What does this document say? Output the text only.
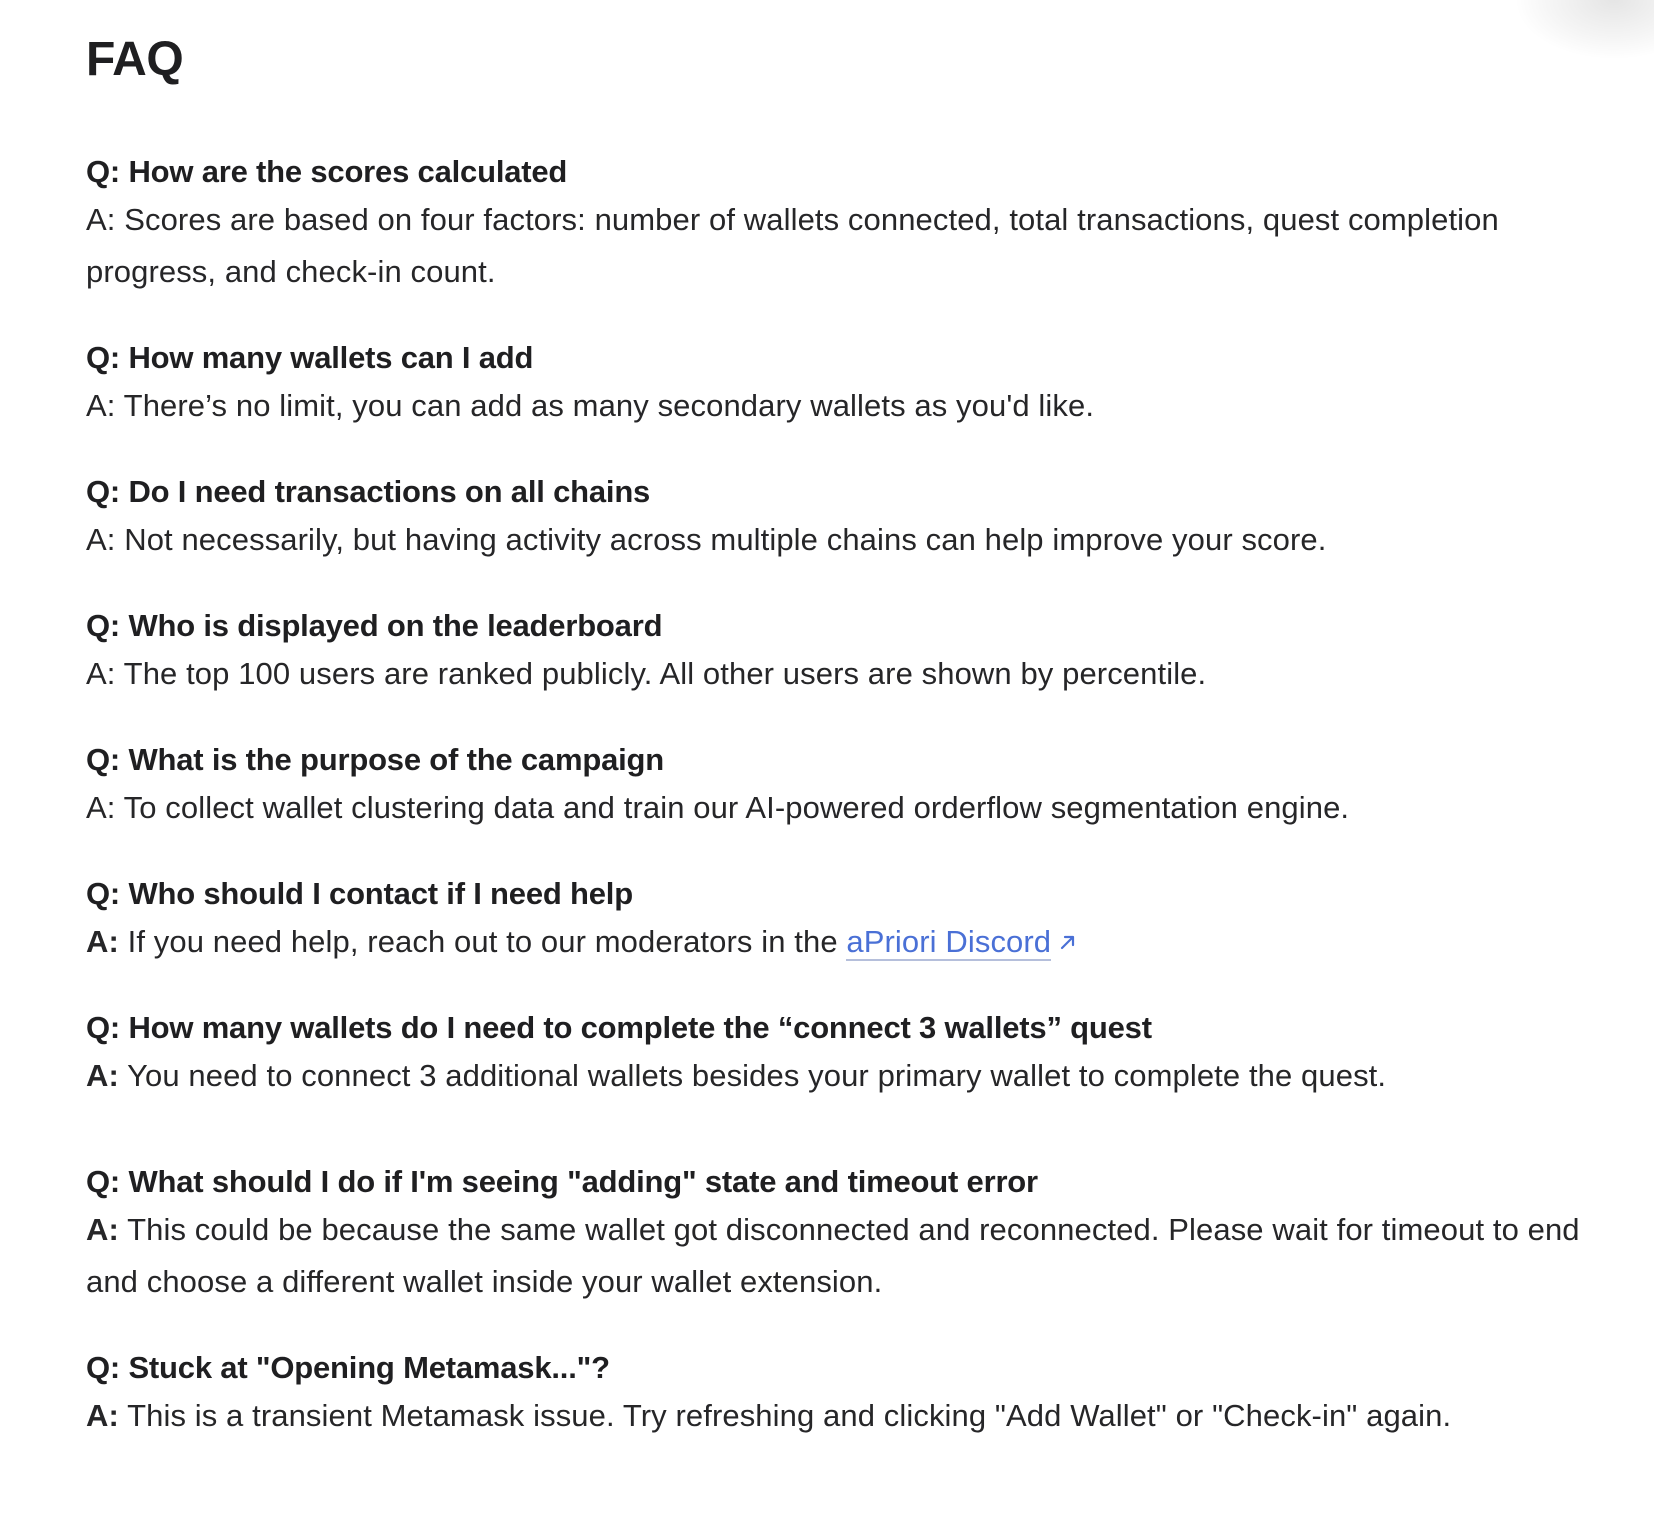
FAQ

Q: How are the scores calculated

A: Scores are based on four factors: number of wallets connected, total transactions, quest completion progress, and check-in count.

Q: How many wallets can I add

A: There’s no limit, you can add as many secondary wallets as you'd like.

Q: Do I need transactions on all chains

A: Not necessarily, but having activity across multiple chains can help improve your score.

Q: Who is displayed on the leaderboard

A: The top 100 users are ranked publicly. All other users are shown by percentile.

Q: What is the purpose of the campaign

A: To collect wallet clustering data and train our AI-powered orderflow segmentation engine.

Q: Who should I contact if I need help

A: If you need help, reach out to our moderators in the aPriori Discord

Q: How many wallets do I need to complete the “connect 3 wallets” quest

A: You need to connect 3 additional wallets besides your primary wallet to complete the quest.

Q: What should I do if I'm seeing "adding" state and timeout error

A: This could be because the same wallet got disconnected and reconnected. Please wait for timeout to end and choose a different wallet inside your wallet extension.

Q: Stuck at "Opening Metamask..."?

A: This is a transient Metamask issue. Try refreshing and clicking "Add Wallet" or "Check-in" again.
